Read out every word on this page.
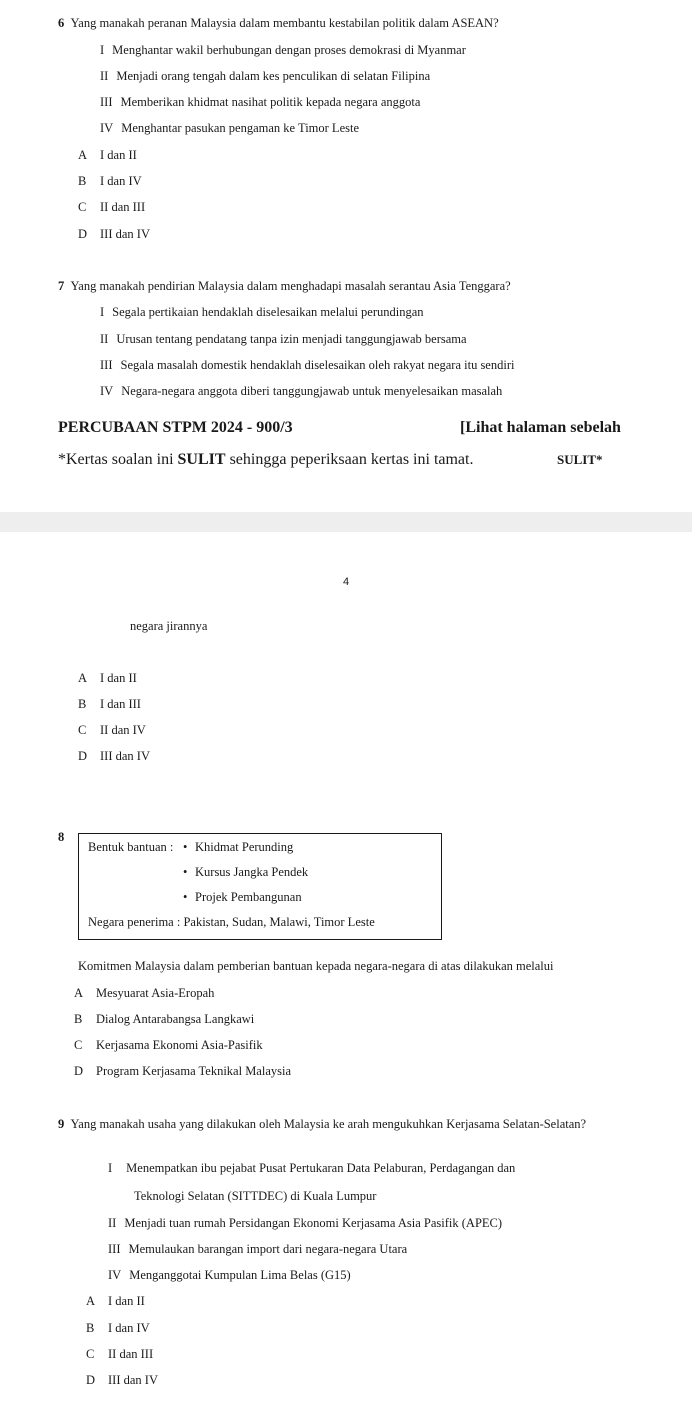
6 Yang manakah peranan Malaysia dalam membantu kestabilan politik dalam ASEAN?
I Menghantar wakil berhubungan dengan proses demokrasi di Myanmar
II Menjadi orang tengah dalam kes penculikan di selatan Filipina
III Memberikan khidmat nasihat politik kepada negara anggota
IV Menghantar pasukan pengaman ke Timor Leste
A I dan II
B I dan IV
C II dan III
D III dan IV
7 Yang manakah pendirian Malaysia dalam menghadapi masalah serantau Asia Tenggara?
I Segala pertikaian hendaklah diselesaikan melalui perundingan
II Urusan tentang pendatang tanpa izin menjadi tanggungjawab bersama
III Segala masalah domestik hendaklah diselesaikan oleh rakyat negara itu sendiri
IV Negara-negara anggota diberi tanggungjawab untuk menyelesaikan masalah
PERCUBAAN STPM 2024 - 900/3	[Lihat halaman sebelah
*Kertas soalan ini SULIT sehingga peperiksaan kertas ini tamat.	SULIT*
4
negara jirannya
A I dan II
B I dan III
C II dan IV
D III dan IV
8
Bentuk bantuan : • Khidmat Perunding
• Kursus Jangka Pendek
• Projek Pembangunan
Negara penerima : Pakistan, Sudan, Malawi, Timor Leste
Komitmen Malaysia dalam pemberian bantuan kepada negara-negara di atas dilakukan melalui
A Mesyuarat Asia-Eropah
B Dialog Antarabangsa Langkawi
C Kerjasama Ekonomi Asia-Pasifik
D Program Kerjasama Teknikal Malaysia
9 Yang manakah usaha yang dilakukan oleh Malaysia ke arah mengukuhkan Kerjasama Selatan-Selatan?
I Menempatkan ibu pejabat Pusat Pertukaran Data Pelaburan, Perdagangan dan
Teknologi Selatan (SITTDEC) di Kuala Lumpur
II Menjadi tuan rumah Persidangan Ekonomi Kerjasama Asia Pasifik (APEC)
III Memulaukan barangan import dari negara-negara Utara
IV Menganggotai Kumpulan Lima Belas (G15)
A I dan II
B I dan IV
C II dan III
D III dan IV
